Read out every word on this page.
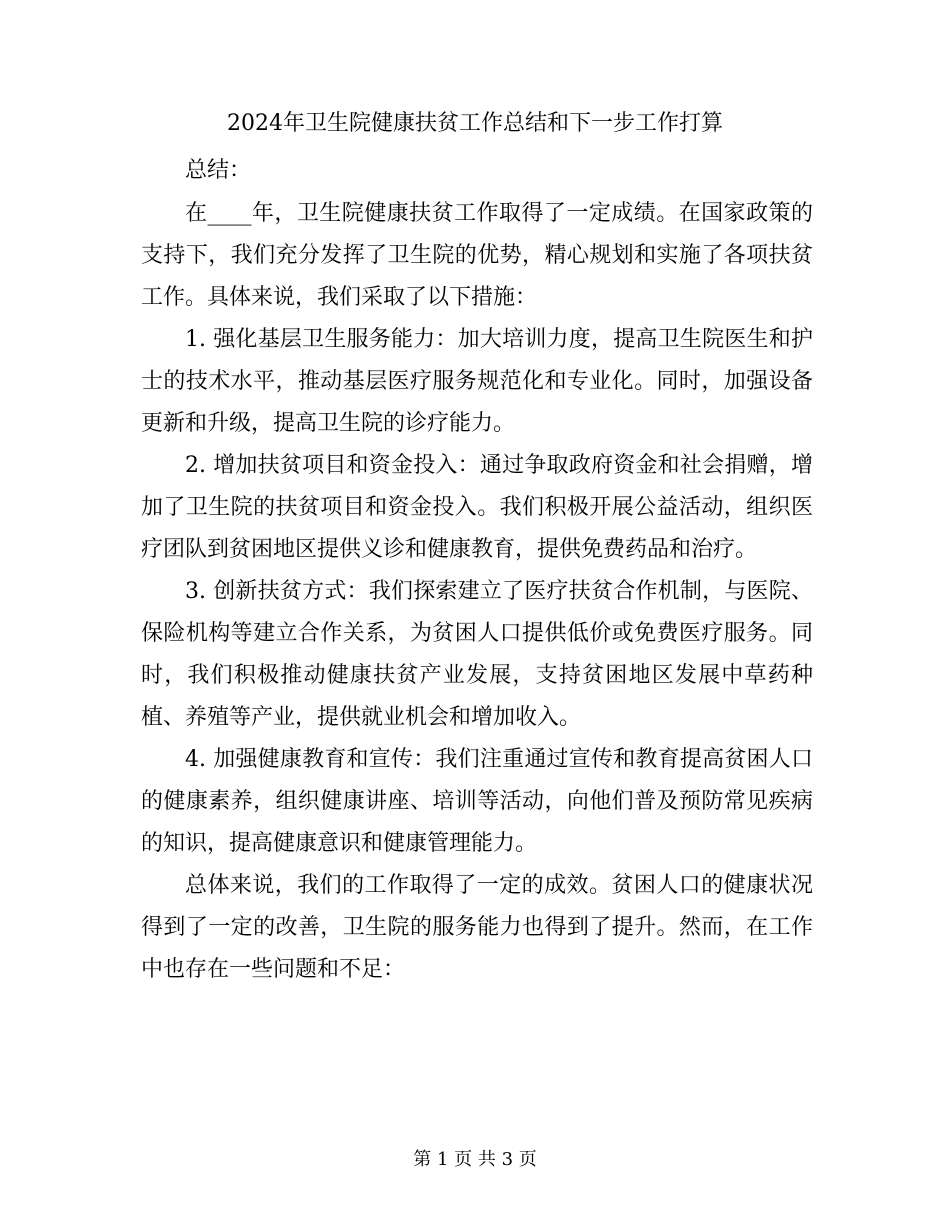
2024年卫生院健康扶贫工作总结和下一步工作打算

总结：

在____年，卫生院健康扶贫工作取得了一定成绩。在国家政策的支持下，我们充分发挥了卫生院的优势，精心规划和实施了各项扶贫工作。具体来说，我们采取了以下措施：

1. 强化基层卫生服务能力：加大培训力度，提高卫生院医生和护士的技术水平，推动基层医疗服务规范化和专业化。同时，加强设备更新和升级，提高卫生院的诊疗能力。

2. 增加扶贫项目和资金投入：通过争取政府资金和社会捐赠，增加了卫生院的扶贫项目和资金投入。我们积极开展公益活动，组织医疗团队到贫困地区提供义诊和健康教育，提供免费药品和治疗。

3. 创新扶贫方式：我们探索建立了医疗扶贫合作机制，与医院、保险机构等建立合作关系，为贫困人口提供低价或免费医疗服务。同时，我们积极推动健康扶贫产业发展，支持贫困地区发展中草药种植、养殖等产业，提供就业机会和增加收入。

4. 加强健康教育和宣传：我们注重通过宣传和教育提高贫困人口的健康素养，组织健康讲座、培训等活动，向他们普及预防常见疾病的知识，提高健康意识和健康管理能力。

总体来说，我们的工作取得了一定的成效。贫困人口的健康状况得到了一定的改善，卫生院的服务能力也得到了提升。然而，在工作中也存在一些问题和不足：

第 1 页 共 3 页
